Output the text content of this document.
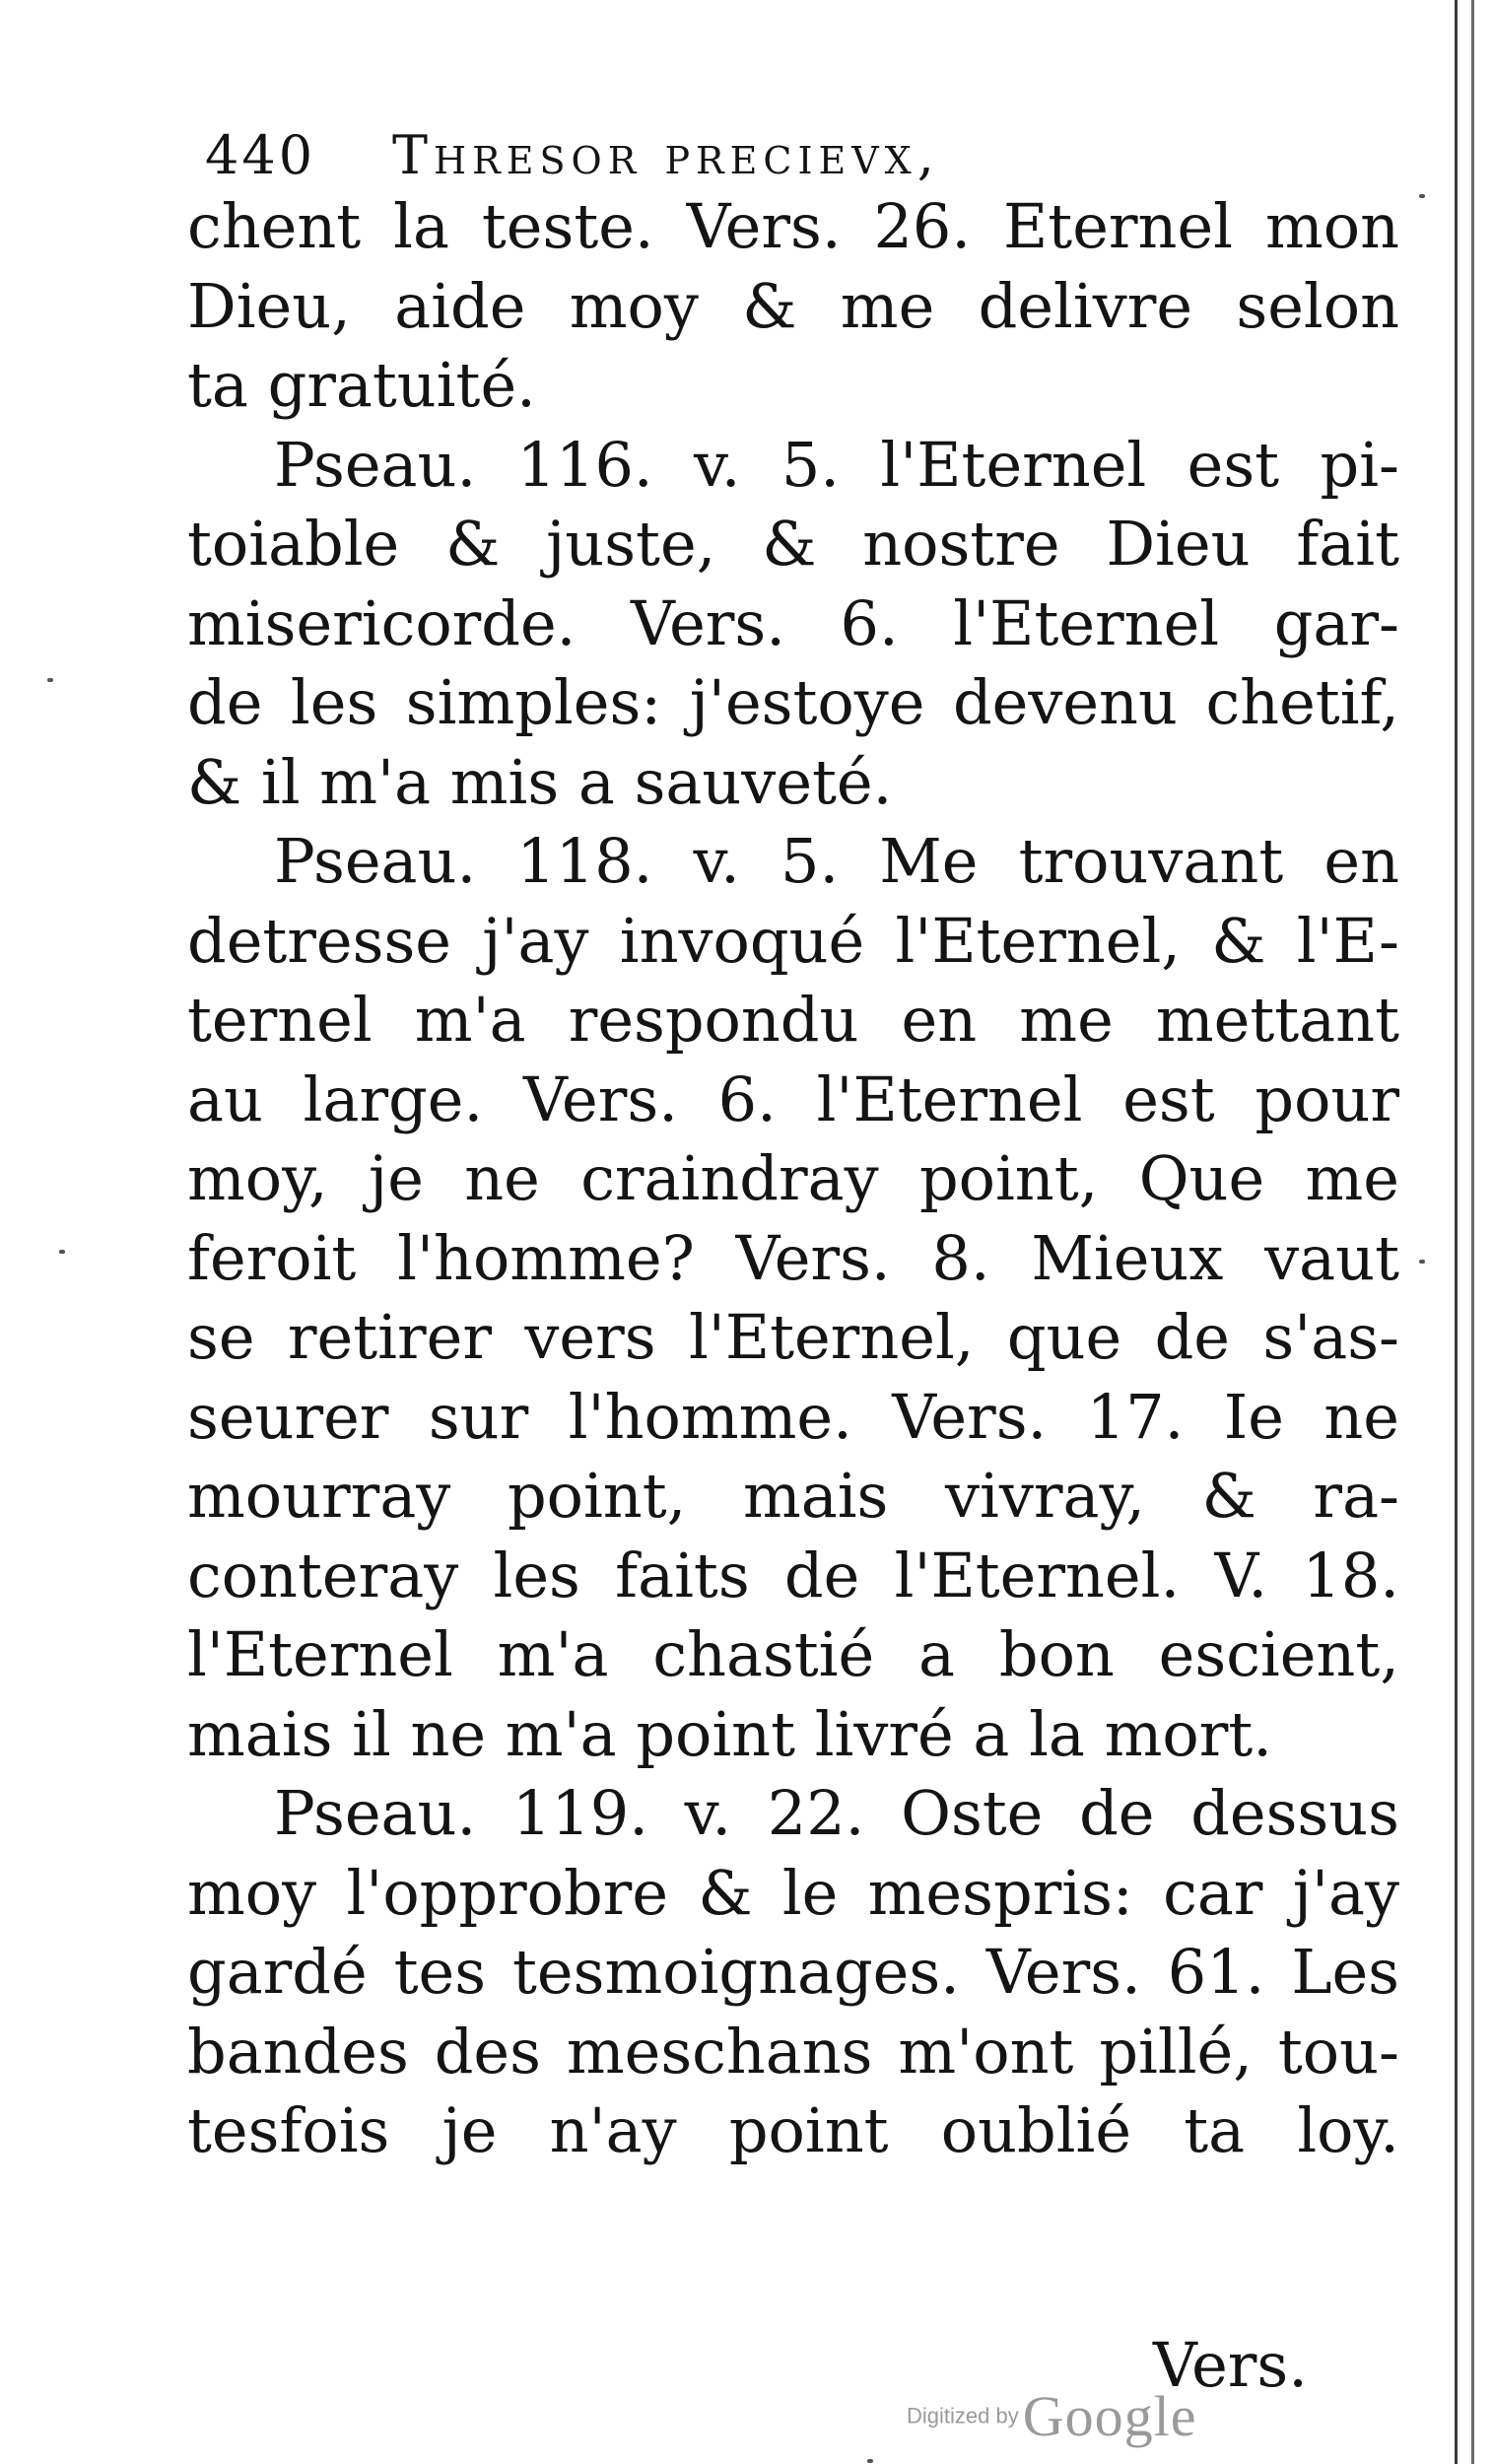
440 Thresor precievx,
chent la teste. Vers. 26. Eternel mon
Dieu, aide moy & me delivre selon
ta gratuité.
Pseau. 116. v. 5. l'Eternel est pi-
toiable & juste, & nostre Dieu fait
misericorde. Vers. 6. l'Eternel gar-
de les simples: j'estoye devenu chetif,
& il m'a mis a sauveté.
Pseau. 118. v. 5. Me trouvant en
detresse j'ay invoqué l'Eternel, & l'E-
ternel m'a respondu en me mettant
au large. Vers. 6. l'Eternel est pour
moy, je ne craindray point, Que me
feroit l'homme? Vers. 8. Mieux vaut
se retirer vers l'Eternel, que de s'as-
seurer sur l'homme. Vers. 17. Ie ne
mourray point, mais vivray, & ra-
conteray les faits de l'Eternel. V. 18.
l'Eternel m'a chastié a bon escient,
mais il ne m'a point livré a la mort.
Pseau. 119. v. 22. Oste de dessus
moy l'opprobre & le mespris: car j'ay
gardé tes tesmoignages. Vers. 61. Les
bandes des meschans m'ont pillé, tou-
tesfois je n'ay point oublié ta loy.
Vers.
Digitized by Google
